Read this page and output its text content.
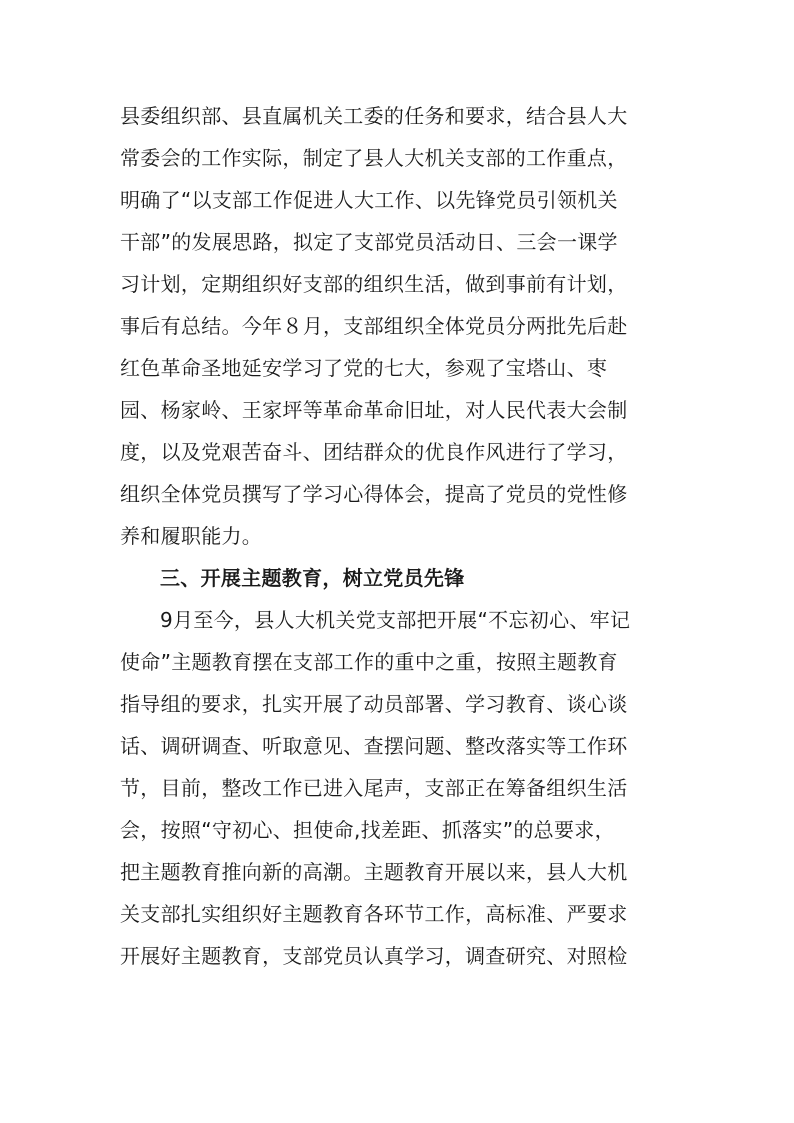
县委组织部、县直属机关工委的任务和要求，结合县人大
常委会的工作实际，制定了县人大机关支部的工作重点，
明确了“以支部工作促进人大工作、以先锋党员引领机关
干部”的发展思路，拟定了支部党员活动日、三会一课学
习计划，定期组织好支部的组织生活，做到事前有计划，
事后有总结。今年８月，支部组织全体党员分两批先后赴
红色革命圣地延安学习了党的七大，参观了宝塔山、枣
园、杨家岭、王家坪等革命革命旧址，对人民代表大会制
度，以及党艰苦奋斗、团结群众的优良作风进行了学习，
组织全体党员撰写了学习心得体会，提高了党员的党性修
养和履职能力。
三、开展主题教育，树立党员先锋
9月至今，县人大机关党支部把开展“不忘初心、牢记
使命”主题教育摆在支部工作的重中之重，按照主题教育
指导组的要求，扎实开展了动员部署、学习教育、谈心谈
话、调研调查、听取意见、查摆问题、整改落实等工作环
节，目前，整改工作已进入尾声，支部正在筹备组织生活
会，按照“守初心、担使命,找差距、抓落实”的总要求，
把主题教育推向新的高潮。主题教育开展以来，县人大机
关支部扎实组织好主题教育各环节工作，高标准、严要求
开展好主题教育，支部党员认真学习，调查研究、对照检
